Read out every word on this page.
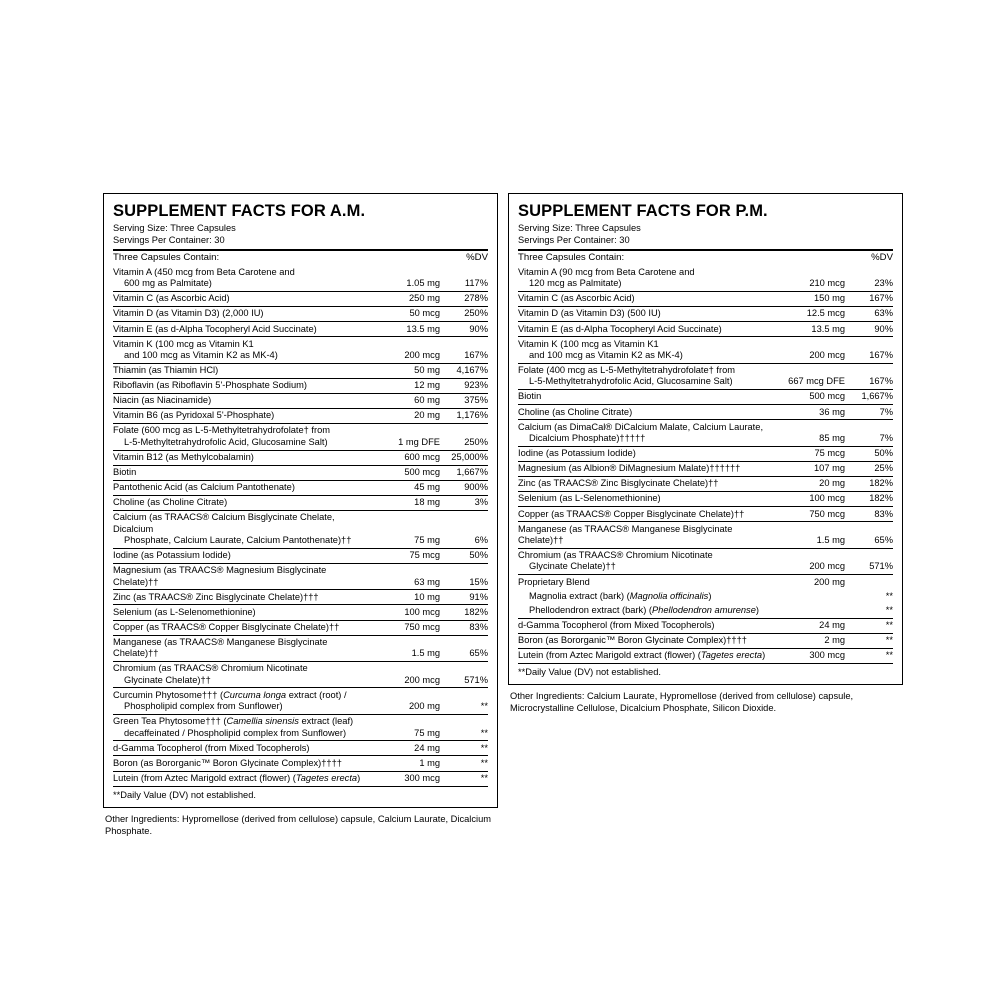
SUPPLEMENT FACTS FOR A.M.
Serving Size: Three Capsules
Servings Per Container: 30
Three Capsules Contain:		%DV
Vitamin A (450 mcg from Beta Carotene and
600 mg as Palmitate)	1.05 mg	117%
Vitamin C (as Ascorbic Acid)	250 mg	278%
Vitamin D (as Vitamin D3) (2,000 IU)	50 mcg	250%
Vitamin E (as d-Alpha Tocopheryl Acid Succinate)	13.5 mg	90%
Vitamin K (100 mcg as Vitamin K1
and 100 mcg as Vitamin K2 as MK-4)	200 mcg	167%
Thiamin (as Thiamin HCl)	50 mg	4,167%
Riboflavin (as Riboflavin 5'-Phosphate Sodium)	12 mg	923%
Niacin (as Niacinamide)	60 mg	375%
Vitamin B6 (as Pyridoxal 5'-Phosphate)	20 mg	1,176%
Folate (600 mcg as L-5-Methyltetrahydrofolate† from
L-5-Methyltetrahydrofolic Acid, Glucosamine Salt)	1 mg DFE	250%
Vitamin B12 (as Methylcobalamin)	600 mcg	25,000%
Biotin	500 mcg	1,667%
Pantothenic Acid (as Calcium Pantothenate)	45 mg	900%
Choline (as Choline Citrate)	18 mg	3%
Calcium (as TRAACS® Calcium Bisglycinate Chelate, Dicalcium
Phosphate, Calcium Laurate, Calcium Pantothenate)††	75 mg	6%
Iodine (as Potassium Iodide)	75 mcg	50%
Magnesium (as TRAACS® Magnesium Bisglycinate Chelate)††	63 mg	15%
Zinc (as TRAACS® Zinc Bisglycinate Chelate)†††	10 mg	91%
Selenium (as L-Selenomethionine)	100 mcg	182%
Copper (as TRAACS® Copper Bisglycinate Chelate)††	750 mcg	83%
Manganese (as TRAACS® Manganese Bisglycinate Chelate)††	1.5 mg	65%
Chromium (as TRAACS® Chromium Nicotinate
Glycinate Chelate)††	200 mcg	571%
Curcumin Phytosome††† (Curcuma longa extract (root) /
Phospholipid complex from Sunflower)	200 mg	**
Green Tea Phytosome††† (Camellia sinensis extract (leaf)
decaffeinated / Phospholipid complex from Sunflower)	75 mg	**
d-Gamma Tocopherol (from Mixed Tocopherols)	24 mg	**
Boron (as Bororganic™ Boron Glycinate Complex)††††	1 mg	**
Lutein (from Aztec Marigold extract (flower) (Tagetes erecta)	300 mcg	**
**Daily Value (DV) not established.
Other Ingredients: Hypromellose (derived from cellulose) capsule, Calcium Laurate, Dicalcium Phosphate.
SUPPLEMENT FACTS FOR P.M.
Serving Size: Three Capsules
Servings Per Container: 30
Three Capsules Contain:		%DV
Vitamin A (90 mcg from Beta Carotene and
120 mcg as Palmitate)	210 mcg	23%
Vitamin C (as Ascorbic Acid)	150 mg	167%
Vitamin D (as Vitamin D3) (500 IU)	12.5 mcg	63%
Vitamin E (as d-Alpha Tocopheryl Acid Succinate)	13.5 mg	90%
Vitamin K (100 mcg as Vitamin K1
and 100 mcg as Vitamin K2 as MK-4)	200 mcg	167%
Folate (400 mcg as L-5-Methyltetrahydrofolate† from
L-5-Methyltetrahydrofolic Acid, Glucosamine Salt)	667 mcg DFE	167%
Biotin	500 mcg	1,667%
Choline (as Choline Citrate)	36 mg	7%
Calcium (as DimaCal® DiCalcium Malate, Calcium Laurate,
Dicalcium Phosphate)†††††	85 mg	7%
Iodine (as Potassium Iodide)	75 mcg	50%
Magnesium (as Albion® DiMagnesium Malate)††††††	107 mg	25%
Zinc (as TRAACS® Zinc Bisglycinate Chelate)††	20 mg	182%
Selenium (as L-Selenomethionine)	100 mcg	182%
Copper (as TRAACS® Copper Bisglycinate Chelate)††	750 mcg	83%
Manganese (as TRAACS® Manganese Bisglycinate Chelate)††	1.5 mg	65%
Chromium (as TRAACS® Chromium Nicotinate
Glycinate Chelate)††	200 mcg	571%
Proprietary Blend	200 mg	

Magnolia extract (bark) (Magnolia officinalis)		**

Phellodendron extract (bark) (Phellodendron amurense)		**
d-Gamma Tocopherol (from Mixed Tocopherols)	24 mg	**
Boron (as Bororganic™ Boron Glycinate Complex)††††	2 mg	**
Lutein (from Aztec Marigold extract (flower) (Tagetes erecta)	300 mcg	**
**Daily Value (DV) not established.
Other Ingredients: Calcium Laurate, Hypromellose (derived from cellulose) capsule, Microcrystalline Cellulose, Dicalcium Phosphate, Silicon Dioxide.
